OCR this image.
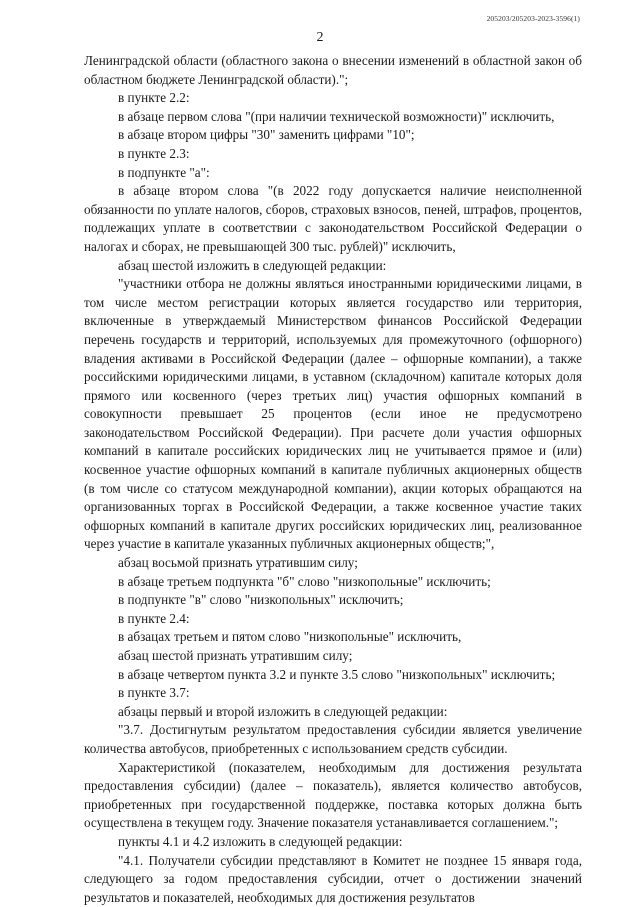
205203/205203-2023-3596(1)
2

Ленинградской области (областного закона о внесении изменений в областной закон об областном бюджете Ленинградской области).";

в пункте 2.2:

в абзаце первом слова "(при наличии технической возможности)" исключить,

в абзаце втором цифры "30" заменить цифрами "10";

в пункте 2.3:

в подпункте "а":

в абзаце втором слова "(в 2022 году допускается наличие неисполненной обязанности по уплате налогов, сборов, страховых взносов, пеней, штрафов, процентов, подлежащих уплате в соответствии с законодательством Российской Федерации о налогах и сборах, не превышающей 300 тыс. рублей)" исключить,

абзац шестой изложить в следующей редакции:

"участники отбора не должны являться иностранными юридическими лицами, в том числе местом регистрации которых является государство или территория, включенные в утверждаемый Министерством финансов Российской Федерации перечень государств и территорий, используемых для промежуточного (офшорного) владения активами в Российской Федерации (далее – офшорные компании), а также российскими юридическими лицами, в уставном (складочном) капитале которых доля прямого или косвенного (через третьих лиц) участия офшорных компаний в совокупности превышает 25 процентов (если иное не предусмотрено законодательством Российской Федерации). При расчете доли участия офшорных компаний в капитале российских юридических лиц не учитывается прямое и (или) косвенное участие офшорных компаний в капитале публичных акционерных обществ (в том числе со статусом международной компании), акции которых обращаются на организованных торгах в Российской Федерации, а также косвенное участие таких офшорных компаний в капитале других российских юридических лиц, реализованное через участие в капитале указанных публичных акционерных обществ;",

абзац восьмой признать утратившим силу;

в абзаце третьем подпункта "б" слово "низкопольные" исключить;

в подпункте "в" слово "низкопольных" исключить;

в пункте 2.4:

в абзацах третьем и пятом слово "низкопольные" исключить,

абзац шестой признать утратившим силу;

в абзаце четвертом пункта 3.2 и пункте 3.5 слово "низкопольных" исключить;

в пункте 3.7:

абзацы первый и второй изложить в следующей редакции:

"3.7. Достигнутым результатом предоставления субсидии является увеличение количества автобусов, приобретенных с использованием средств субсидии.

Характеристикой (показателем, необходимым для достижения результата предоставления субсидии) (далее – показатель), является количество автобусов, приобретенных при государственной поддержке, поставка которых должна быть осуществлена в текущем году. Значение показателя устанавливается соглашением.";

пункты 4.1 и 4.2 изложить в следующей редакции:

"4.1. Получатели субсидии представляют в Комитет не позднее 15 января года, следующего за годом предоставления субсидии, отчет о достижении значений результатов и показателей, необходимых для достижения результатов
